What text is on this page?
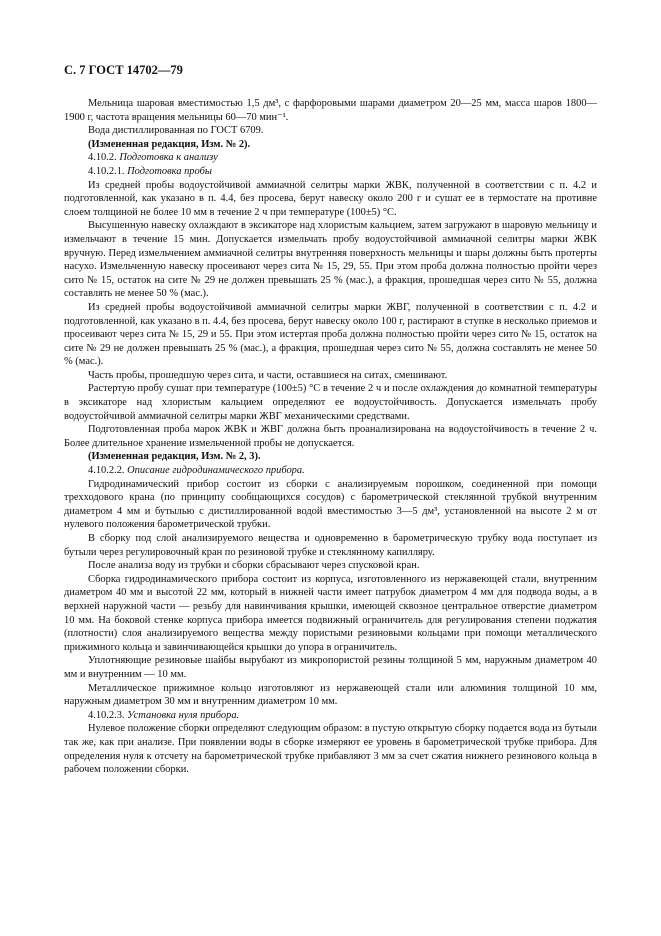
С. 7 ГОСТ 14702—79

Мельница шаровая вместимостью 1,5 дм³, с фарфоровыми шарами диаметром 20—25 мм, масса шаров 1800—1900 г, частота вращения мельницы 60—70 мин⁻¹.

Вода дистиллированная по ГОСТ 6709.

(Измененная редакция, Изм. № 2).

4.10.2. Подготовка к анализу

4.10.2.1. Подготовка пробы

Из средней пробы водоустойчивой аммиачной селитры марки ЖВК, полученной в соответствии с п. 4.2 и подготовленной, как указано в п. 4.4, без просева, берут навеску около 200 г и сушат ее в термостате на противне слоем толщиной не более 10 мм в течение 2 ч при температуре (100±5) °С.

Высушенную навеску охлаждают в эксикаторе над хлористым кальцием, затем загружают в шаровую мельницу и измельчают в течение 15 мин. Допускается измельчать пробу водоустойчивой аммиачной селитры марки ЖВК вручную. Перед измельчением аммиачной селитры внутренняя поверхность мельницы и шары должны быть протерты насухо. Измельченную навеску просеивают через сита № 15, 29, 55. При этом проба должна полностью пройти через сито № 15, остаток на сите № 29 не должен превышать 25 % (мас.), а фракция, прошедшая через сито № 55, должна составлять не менее 50 % (мас.).

Из средней пробы водоустойчивой аммиачной селитры марки ЖВГ, полученной в соответствии с п. 4.2 и подготовленной, как указано в п. 4.4, без просева, берут навеску около 100 г, растирают в ступке в несколько приемов и просеивают через сита № 15, 29 и 55. При этом истертая проба должна полностью пройти через сито № 15, остаток на сите № 29 не должен превышать 25 % (мас.), а фракция, прошедшая через сито № 55, должна составлять не менее 50 % (мас.).

Часть пробы, прошедшую через сита, и части, оставшиеся на ситах, смешивают.

Растертую пробу сушат при температуре (100±5) °С в течение 2 ч и после охлаждения до комнатной температуры в эксикаторе над хлористым кальцием определяют ее водоустойчивость. Допускается измельчать пробу водоустойчивой аммиачной селитры марки ЖВГ механическими средствами.

Подготовленная проба марок ЖВК и ЖВГ должна быть проанализирована на водоустойчивость в течение 2 ч. Более длительное хранение измельченной пробы не допускается.

(Измененная редакция, Изм. № 2, 3).

4.10.2.2. Описание гидродинамического прибора.

Гидродинамический прибор состоит из сборки с анализируемым порошком, соединенной при помощи трехходового крана (по принципу сообщающихся сосудов) с барометрической стеклянной трубкой внутренним диаметром 4 мм и бутылью с дистиллированной водой вместимостью 3—5 дм³, установленной на высоте 2 м от нулевого положения барометрической трубки.

В сборку под слой анализируемого вещества и одновременно в барометрическую трубку вода поступает из бутыли через регулировочный кран по резиновой трубке и стеклянному капилляру.

После анализа воду из трубки и сборки сбрасывают через спусковой кран.

Сборка гидродинамического прибора состоит из корпуса, изготовленного из нержавеющей стали, внутренним диаметром 40 мм и высотой 22 мм, который в нижней части имеет патрубок диаметром 4 мм для подвода воды, а в верхней наружной части — резьбу для навинчивания крышки, имеющей сквозное центральное отверстие диаметром 10 мм. На боковой стенке корпуса прибора имеется подвижный ограничитель для регулирования степени поджатия (плотности) слоя анализируемого вещества между пористыми резиновыми кольцами при помощи металлического прижимного кольца и завинчивающейся крышки до упора в ограничитель.

Уплотняющие резиновые шайбы вырубают из микропористой резины толщиной 5 мм, наружным диаметром 40 мм и внутренним — 10 мм.

Металлическое прижимное кольцо изготовляют из нержавеющей стали или алюминия толщиной 10 мм, наружным диаметром 30 мм и внутренним диаметром 10 мм.

4.10.2.3. Установка нуля прибора.

Нулевое положение сборки определяют следующим образом: в пустую открытую сборку подается вода из бутыли так же, как при анализе. При появлении воды в сборке измеряют ее уровень в барометрической трубке прибора. Для определения нуля к отсчету на барометрической трубке прибавляют 3 мм за счет сжатия нижнего резинового кольца в рабочем положении сборки.
